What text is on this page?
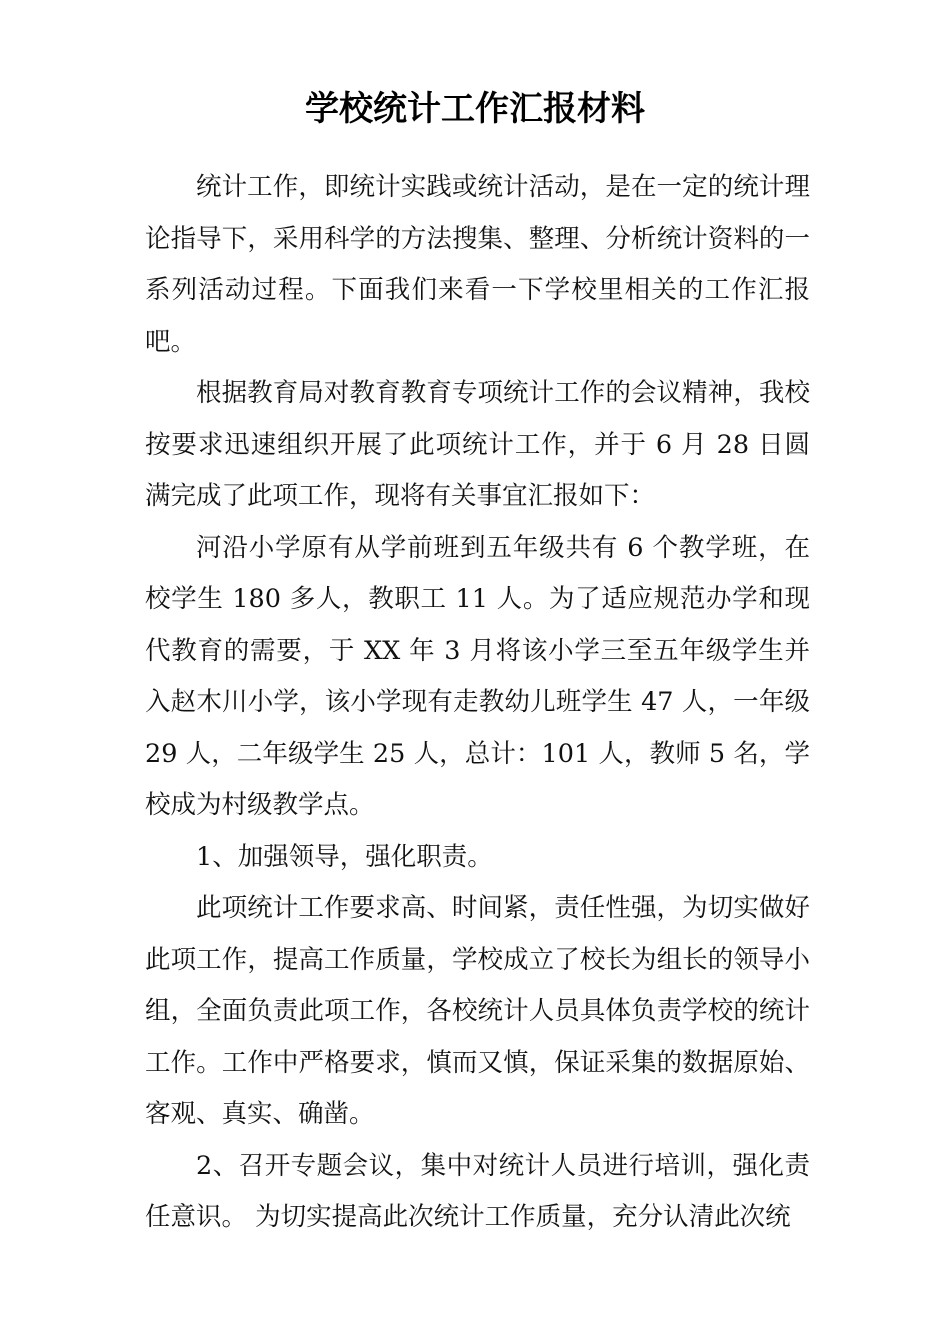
学校统计工作汇报材料

统计工作，即统计实践或统计活动，是在一定的统计理论指导下，采用科学的方法搜集、整理、分析统计资料的一系列活动过程。下面我们来看一下学校里相关的工作汇报吧。

根据教育局对教育教育专项统计工作的会议精神，我校按要求迅速组织开展了此项统计工作，并于 6 月 28 日圆满完成了此项工作，现将有关事宜汇报如下：

河沿小学原有从学前班到五年级共有 6 个教学班，在校学生 180 多人，教职工 11 人。为了适应规范办学和现代教育的需要，于 XX 年 3 月将该小学三至五年级学生并入赵木川小学，该小学现有走教幼儿班学生 47 人，一年级 29 人，二年级学生 25 人，总计：101 人，教师 5 名，学校成为村级教学点。

1、加强领导，强化职责。

此项统计工作要求高、时间紧，责任性强，为切实做好此项工作，提高工作质量，学校成立了校长为组长的领导小组，全面负责此项工作，各校统计人员具体负责学校的统计工作。工作中严格要求，慎而又慎，保证采集的数据原始、客观、真实、确凿。

2、召开专题会议，集中对统计人员进行培训，强化责任意识。 为切实提高此次统计工作质量，充分认清此次统
